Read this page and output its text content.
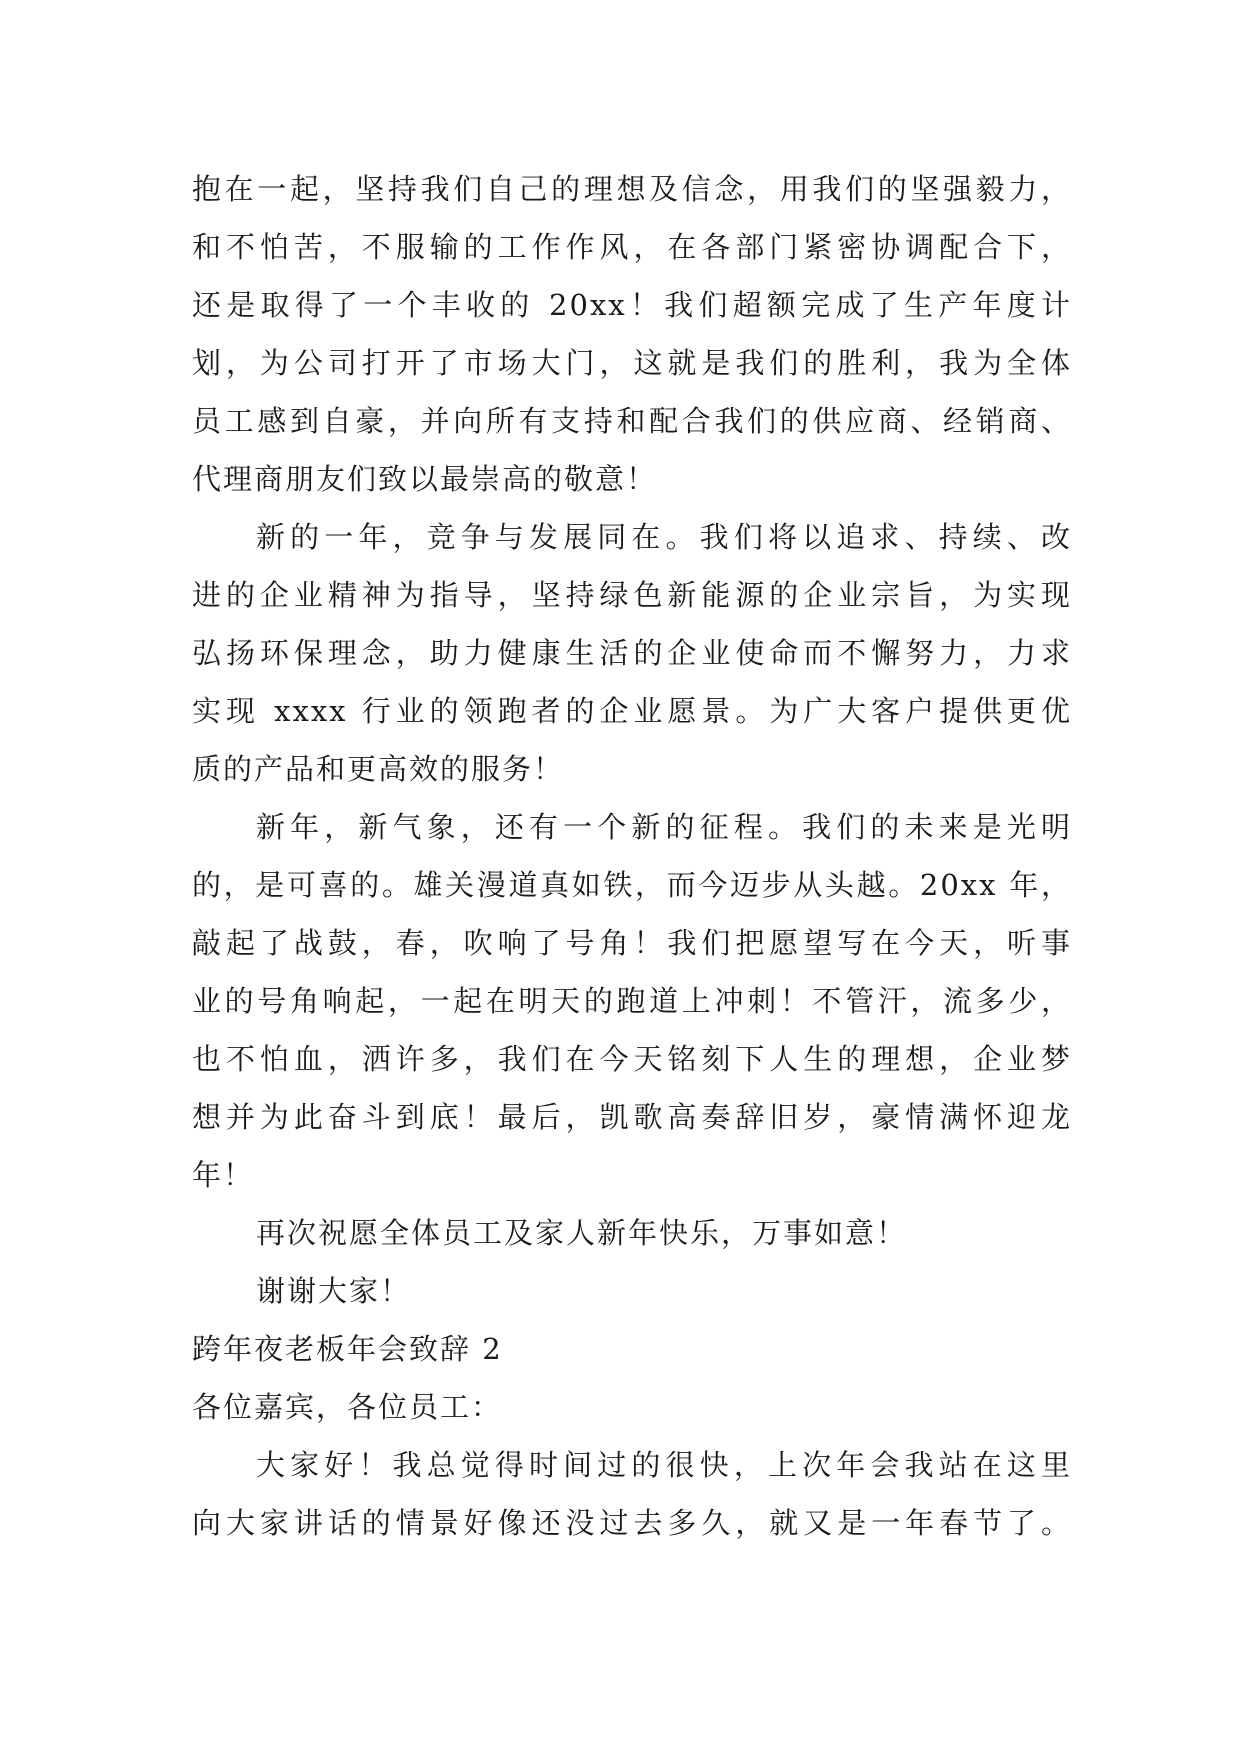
抱在一起，坚持我们自己的理想及信念，用我们的坚强毅力，
和不怕苦，不服输的工作作风，在各部门紧密协调配合下，
还是取得了一个丰收的 20xx！我们超额完成了生产年度计
划，为公司打开了市场大门，这就是我们的胜利，我为全体
员工感到自豪，并向所有支持和配合我们的供应商、经销商、
代理商朋友们致以最崇高的敬意！
新的一年，竞争与发展同在。我们将以追求、持续、改
进的企业精神为指导，坚持绿色新能源的企业宗旨，为实现
弘扬环保理念，助力健康生活的企业使命而不懈努力，力求
实现 xxxx 行业的领跑者的企业愿景。为广大客户提供更优
质的产品和更高效的服务！
新年，新气象，还有一个新的征程。我们的未来是光明
的，是可喜的。雄关漫道真如铁，而今迈步从头越。20xx 年，
敲起了战鼓，春，吹响了号角！我们把愿望写在今天，听事
业的号角响起，一起在明天的跑道上冲刺！不管汗，流多少，
也不怕血，洒许多，我们在今天铭刻下人生的理想，企业梦
想并为此奋斗到底！最后，凯歌高奏辞旧岁，豪情满怀迎龙
年！
再次祝愿全体员工及家人新年快乐，万事如意！
谢谢大家！
跨年夜老板年会致辞 2
各位嘉宾，各位员工：
大家好！我总觉得时间过的很快，上次年会我站在这里
向大家讲话的情景好像还没过去多久，就又是一年春节了。
